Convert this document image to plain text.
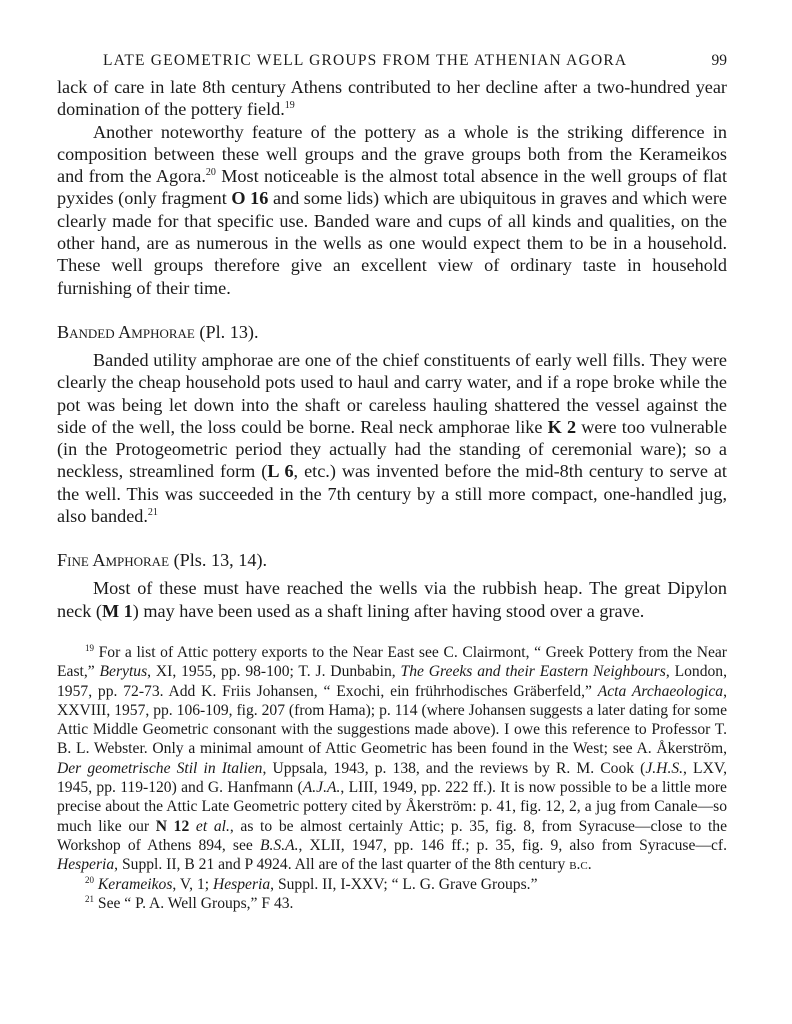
LATE GEOMETRIC WELL GROUPS FROM THE ATHENIAN AGORA	99

lack of care in late 8th century Athens contributed to her decline after a two-hundred year domination of the pottery field.$^{19}$

Another noteworthy feature of the pottery as a whole is the striking difference in composition between these well groups and the grave groups both from the Kerameikos and from the Agora.$^{20}$ Most noticeable is the almost total absence in the well groups of flat pyxides (only fragment O 16 and some lids) which are ubiquitous in graves and which were clearly made for that specific use. Banded ware and cups of all kinds and qualities, on the other hand, are as numerous in the wells as one would expect them to be in a household. These well groups therefore give an excellent view of ordinary taste in household furnishing of their time.

Banded Amphorae (Pl. 13).

Banded utility amphorae are one of the chief constituents of early well fills. They were clearly the cheap household pots used to haul and carry water, and if a rope broke while the pot was being let down into the shaft or careless hauling shattered the vessel against the side of the well, the loss could be borne. Real neck amphorae like K 2 were too vulnerable (in the Protogeometric period they actually had the standing of ceremonial ware); so a neckless, streamlined form (L 6, etc.) was invented before the mid-8th century to serve at the well. This was succeeded in the 7th century by a still more compact, one-handled jug, also banded.$^{21}$

Fine Amphorae (Pls. 13, 14).

Most of these must have reached the wells via the rubbish heap. The great Dipylon neck (M 1) may have been used as a shaft lining after having stood over a grave.

$^{19}$ For a list of Attic pottery exports to the Near East see C. Clairmont, “ Greek Pottery from the Near East,” Berytus, XI, 1955, pp. 98-100; T. J. Dunbabin, The Greeks and their Eastern Neighbours, London, 1957, pp. 72-73. Add K. Friis Johansen, “ Exochi, ein frührhodisches Gräberfeld,” Acta Archaeologica, XXVIII, 1957, pp. 106-109, fig. 207 (from Hama); p. 114 (where Johansen suggests a later dating for some Attic Middle Geometric consonant with the suggestions made above). I owe this reference to Professor T. B. L. Webster. Only a minimal amount of Attic Geometric has been found in the West; see A. Åkerström, Der geometrische Stil in Italien, Uppsala, 1943, p. 138, and the reviews by R. M. Cook (J.H.S., LXV, 1945, pp. 119-120) and G. Hanfmann (A.J.A., LIII, 1949, pp. 222 ff.). It is now possible to be a little more precise about the Attic Late Geometric pottery cited by Åkerström: p. 41, fig. 12, 2, a jug from Canale—so much like our N 12 et al., as to be almost certainly Attic; p. 35, fig. 8, from Syracuse—close to the Workshop of Athens 894, see B.S.A., XLII, 1947, pp. 146 ff.; p. 35, fig. 9, also from Syracuse—cf. Hesperia, Suppl. II, B 21 and P 4924. All are of the last quarter of the 8th century b.c.

$^{20}$ Kerameikos, V, 1; Hesperia, Suppl. II, I-XXV; “ L. G. Grave Groups.”

$^{21}$ See “ P. A. Well Groups,” F 43.
